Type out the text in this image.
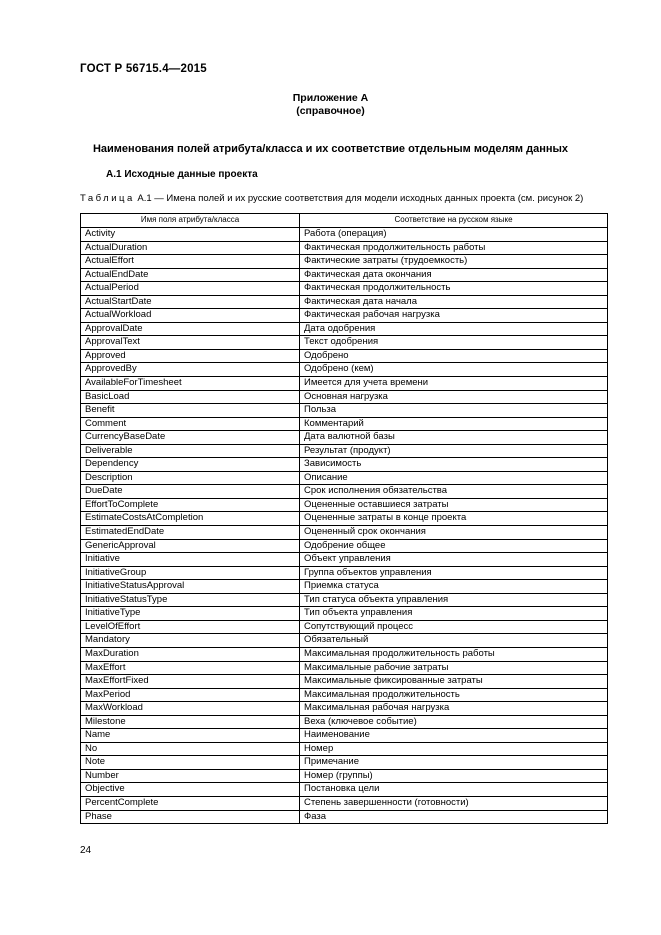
ГОСТ Р 56715.4—2015
Приложение А
(справочное)
Наименования полей атрибута/класса и их соответствие отдельным моделям данных
А.1 Исходные данные проекта
Таблица А.1 — Имена полей и их русские соответствия для модели исходных данных проекта (см. рисунок 2)
Имя поля атрибута/класса	Соответствие на русском языке
Activity	Работа (операция)
ActualDuration	Фактическая продолжительность работы
ActualEffort	Фактические затраты (трудоемкость)
ActualEndDate	Фактическая дата окончания
ActualPeriod	Фактическая продолжительность
ActualStartDate	Фактическая дата начала
ActualWorkload	Фактическая рабочая нагрузка
ApprovalDate	Дата одобрения
ApprovalText	Текст одобрения
Approved	Одобрено
ApprovedBy	Одобрено (кем)
AvailableForTimesheet	Имеется для учета времени
BasicLoad	Основная нагрузка
Benefit	Польза
Comment	Комментарий
CurrencyBaseDate	Дата валютной базы
Deliverable	Результат (продукт)
Dependency	Зависимость
Description	Описание
DueDate	Срок исполнения обязательства
EffortToComplete	Оцененные оставшиеся затраты
EstimateCostsAtCompletion	Оцененные затраты в конце проекта
EstimatedEndDate	Оцененный срок окончания
GenericApproval	Одобрение общее
Initiative	Объект управления
InitiativeGroup	Группа объектов управления
InitiativeStatusApproval	Приемка статуса
InitiativeStatusType	Тип статуса объекта управления
InitiativeType	Тип объекта управления
LevelOfEffort	Сопутствующий процесс
Mandatory	Обязательный
MaxDuration	Максимальная продолжительность работы
MaxEffort	Максимальные рабочие затраты
MaxEffortFixed	Максимальные фиксированные затраты
MaxPeriod	Максимальная продолжительность
MaxWorkload	Максимальная рабочая нагрузка
Milestone	Веха (ключевое событие)
Name	Наименование
No	Номер
Note	Примечание
Number	Номер (группы)
Objective	Постановка цели
PercentComplete	Степень завершенности (готовности)
Phase	Фаза
24
